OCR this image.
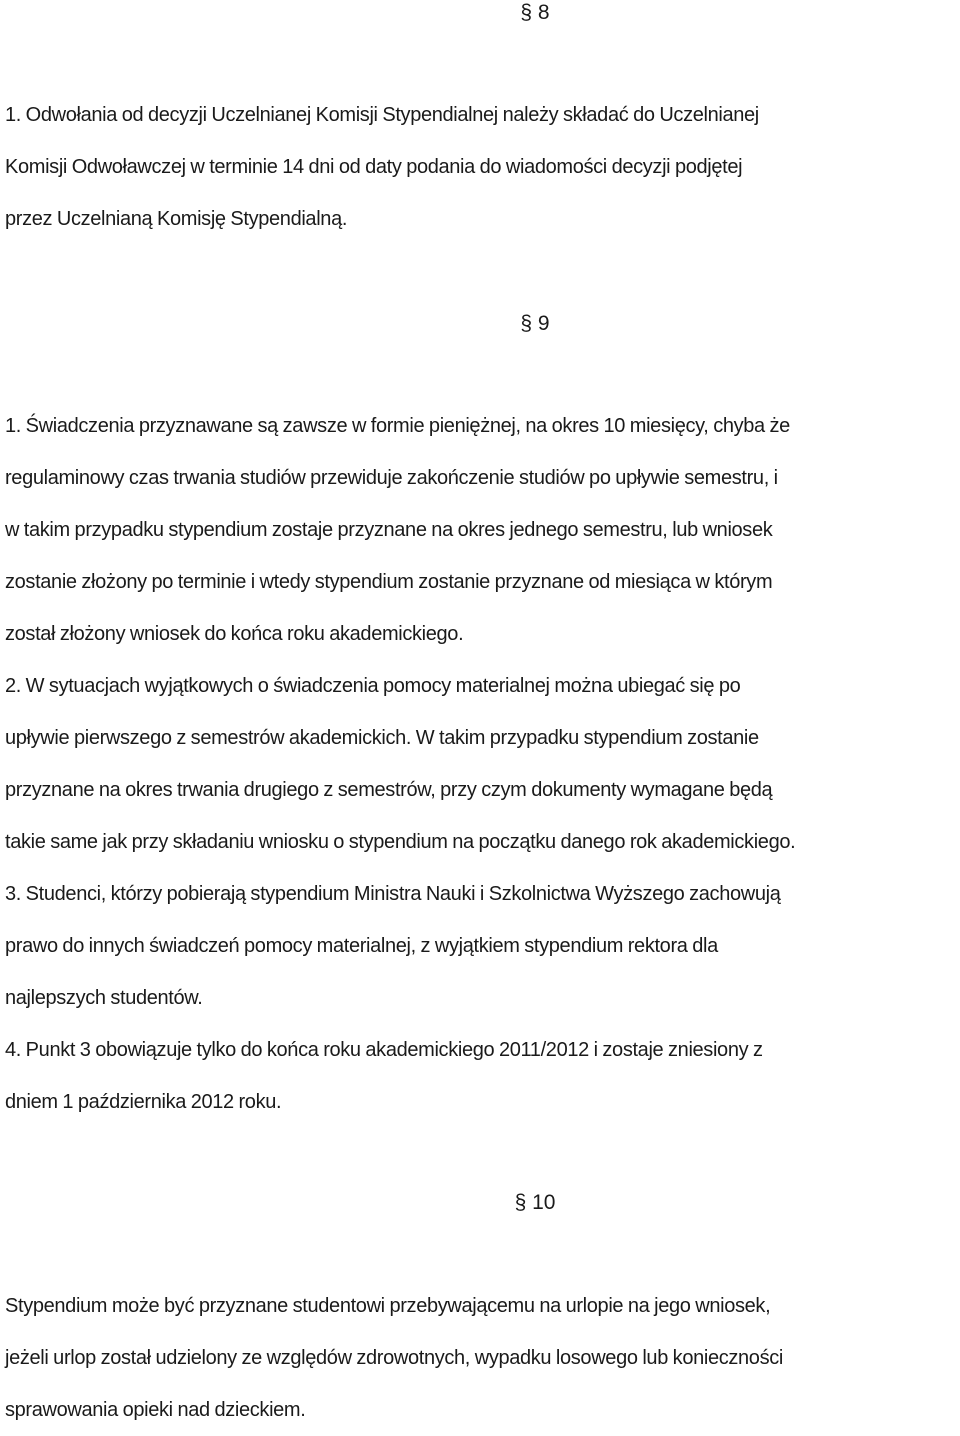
§ 8
1. Odwołania od decyzji Uczelnianej Komisji Stypendialnej należy składać do Uczelnianej
Komisji Odwoławczej w terminie 14 dni od daty podania do wiadomości decyzji podjętej
przez Uczelnianą Komisję Stypendialną.
§ 9
1. Świadczenia przyznawane są zawsze w formie pieniężnej, na okres 10 miesięcy, chyba że
regulaminowy czas trwania studiów przewiduje zakończenie studiów po upływie semestru, i
w takim przypadku stypendium zostaje przyznane na okres jednego semestru, lub wniosek
zostanie złożony po terminie i wtedy stypendium zostanie przyznane od miesiąca w którym
został złożony wniosek do końca roku akademickiego.
2. W sytuacjach wyjątkowych o świadczenia pomocy materialnej można ubiegać się po
upływie pierwszego z semestrów akademickich. W takim przypadku stypendium zostanie
przyznane na okres trwania drugiego z semestrów, przy czym dokumenty wymagane będą
takie same jak przy składaniu wniosku o stypendium na początku danego rok akademickiego.
3. Studenci, którzy pobierają stypendium Ministra Nauki i Szkolnictwa Wyższego zachowują
prawo do innych świadczeń pomocy materialnej, z wyjątkiem stypendium rektora dla
najlepszych studentów.
4. Punkt 3 obowiązuje tylko do końca roku akademickiego 2011/2012 i zostaje zniesiony z
dniem 1 października 2012 roku.
§ 10
Stypendium może być przyznane studentowi przebywającemu na urlopie na jego wniosek,
jeżeli urlop został udzielony ze względów zdrowotnych, wypadku losowego lub konieczności
sprawowania opieki nad dzieckiem.
